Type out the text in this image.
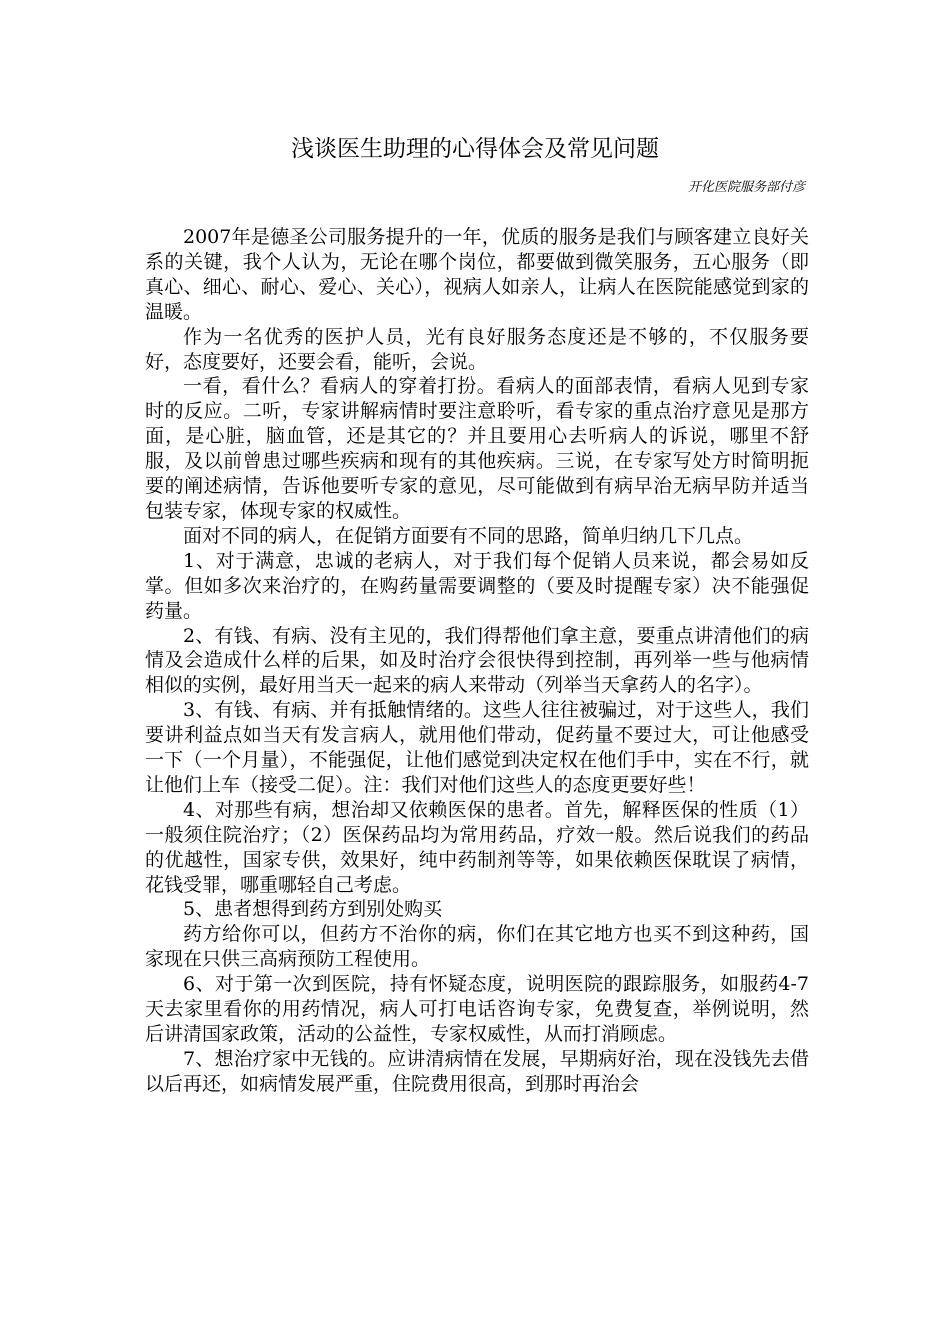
浅谈医生助理的心得体会及常见问题
开化医院服务部付彦

2007年是德圣公司服务提升的一年，优质的服务是我们与顾客建立良好关系的关键，我个人认为，无论在哪个岗位，都要做到微笑服务，五心服务（即真心、细心、耐心、爱心、关心），视病人如亲人，让病人在医院能感觉到家的温暖。

作为一名优秀的医护人员，光有良好服务态度还是不够的，不仅服务要好，态度要好，还要会看，能听，会说。

一看，看什么？看病人的穿着打扮。看病人的面部表情，看病人见到专家时的反应。二听，专家讲解病情时要注意聆听，看专家的重点治疗意见是那方面，是心脏，脑血管，还是其它的？并且要用心去听病人的诉说，哪里不舒服，及以前曾患过哪些疾病和现有的其他疾病。三说，在专家写处方时简明扼要的阐述病情，告诉他要听专家的意见，尽可能做到有病早治无病早防并适当包装专家，体现专家的权威性。

面对不同的病人，在促销方面要有不同的思路，简单归纳几下几点。

1、对于满意，忠诚的老病人，对于我们每个促销人员来说，都会易如反掌。但如多次来治疗的，在购药量需要调整的（要及时提醒专家）决不能强促药量。

2、有钱、有病、没有主见的，我们得帮他们拿主意，要重点讲清他们的病情及会造成什么样的后果，如及时治疗会很快得到控制，再列举一些与他病情相似的实例，最好用当天一起来的病人来带动（列举当天拿药人的名字）。

3、有钱、有病、并有抵触情绪的。这些人往往被骗过，对于这些人，我们要讲利益点如当天有发言病人，就用他们带动，促药量不要过大，可让他感受一下（一个月量），不能强促，让他们感觉到决定权在他们手中，实在不行，就让他们上车（接受二促）。注：我们对他们这些人的态度更要好些！

4、对那些有病，想治却又依赖医保的患者。首先，解释医保的性质（1）一般须住院治疗；（2）医保药品均为常用药品，疗效一般。然后说我们的药品的优越性，国家专供，效果好，纯中药制剂等等，如果依赖医保耽误了病情，花钱受罪，哪重哪轻自己考虑。

5、患者想得到药方到别处购买

药方给你可以，但药方不治你的病，你们在其它地方也买不到这种药，国家现在只供三高病预防工程使用。

6、对于第一次到医院，持有怀疑态度，说明医院的跟踪服务，如服药4-7天去家里看你的用药情况，病人可打电话咨询专家，免费复查，举例说明，然后讲清国家政策，活动的公益性，专家权威性，从而打消顾虑。

7、想治疗家中无钱的。应讲清病情在发展，早期病好治，现在没钱先去借以后再还，如病情发展严重，住院费用很高，到那时再治会
